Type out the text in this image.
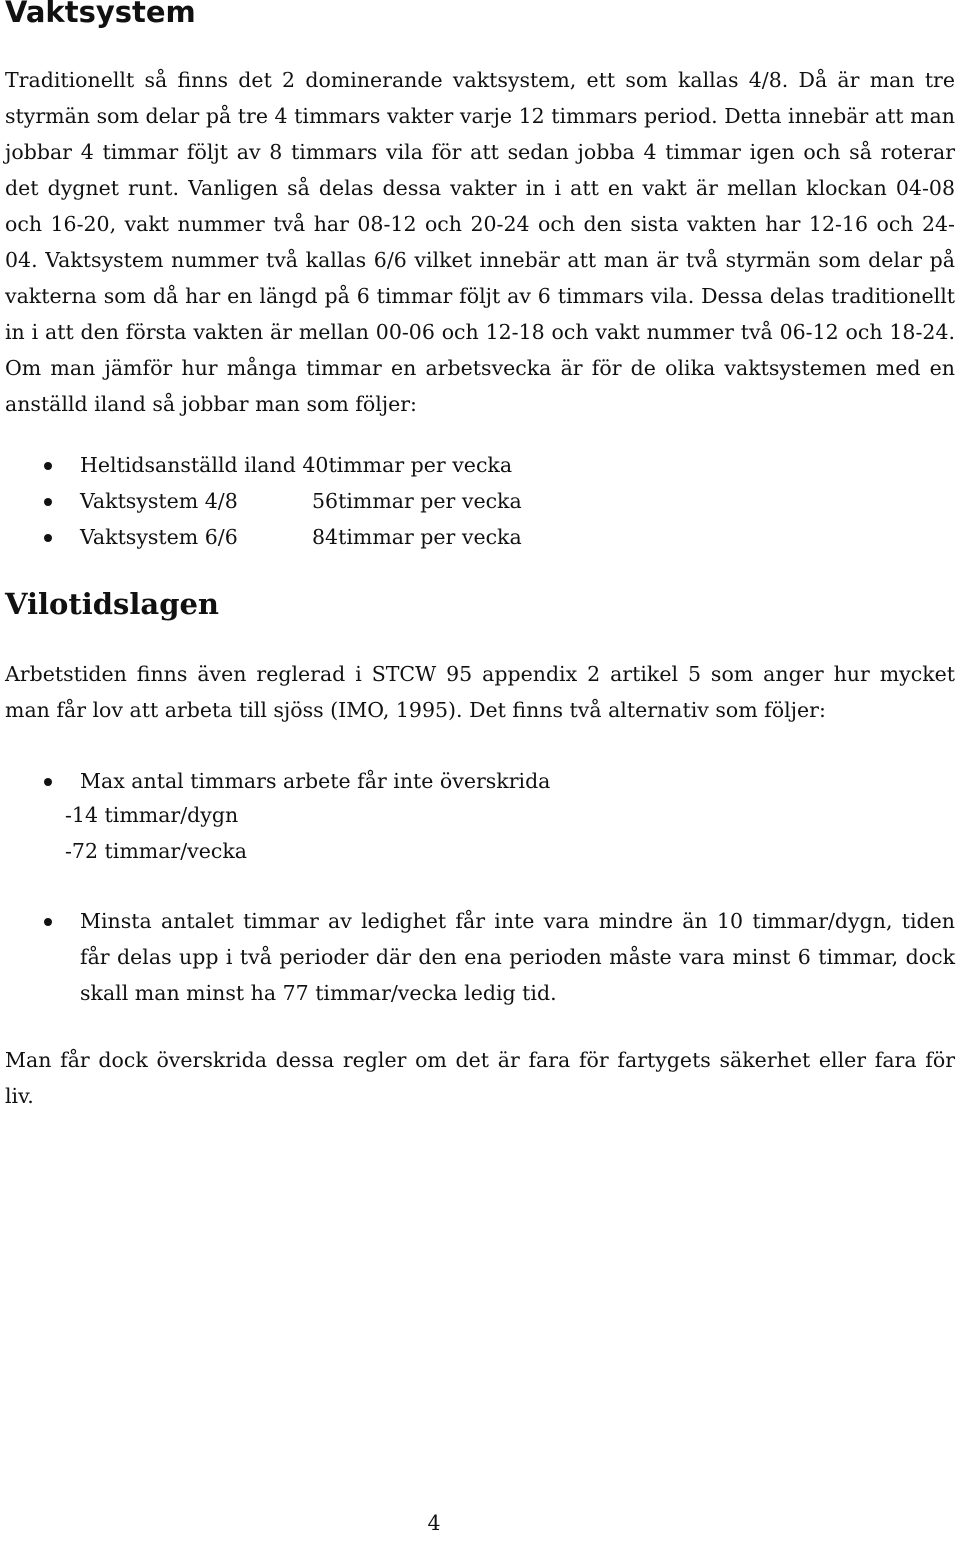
Vaktsystem

Traditionellt så finns det 2 dominerande vaktsystem, ett som kallas 4/8. Då är man tre styrmän som delar på tre 4 timmars vakter varje 12 timmars period. Detta innebär att man jobbar 4 timmar följt av 8 timmars vila för att sedan jobba 4 timmar igen och så roterar det dygnet runt. Vanligen så delas dessa vakter in i att en vakt är mellan klockan 04-08 och 16-20, vakt nummer två har 08-12 och 20-24 och den sista vakten har 12-16 och 24-04. Vaktsystem nummer två kallas 6/6 vilket innebär att man är två styrmän som delar på vakterna som då har en längd på 6 timmar följt av 6 timmars vila. Dessa delas traditionellt in i att den första vakten är mellan 00-06 och 12-18 och vakt nummer två 06-12 och 18-24. Om man jämför hur många timmar en arbetsvecka är för de olika vaktsystemen med en anställd iland så jobbar man som följer:

Heltidsanställd iland 40timmar per vecka
Vaktsystem 4/8	56timmar per vecka
Vaktsystem 6/6	84timmar per vecka
Vilotidslagen

Arbetstiden finns även reglerad i STCW 95 appendix 2 artikel 5 som anger hur mycket man får lov att arbeta till sjöss (IMO, 1995). Det finns två alternativ som följer:

Max antal timmars arbete får inte överskrida

-14 timmar/dygn

-72 timmar/vecka

Minsta antalet timmar av ledighet får inte vara mindre än 10 timmar/dygn, tiden får delas upp i två perioder där den ena perioden måste vara minst 6 timmar, dock skall man minst ha 77 timmar/vecka ledig tid.

Man får dock överskrida dessa regler om det är fara för fartygets säkerhet eller fara för liv.

4
